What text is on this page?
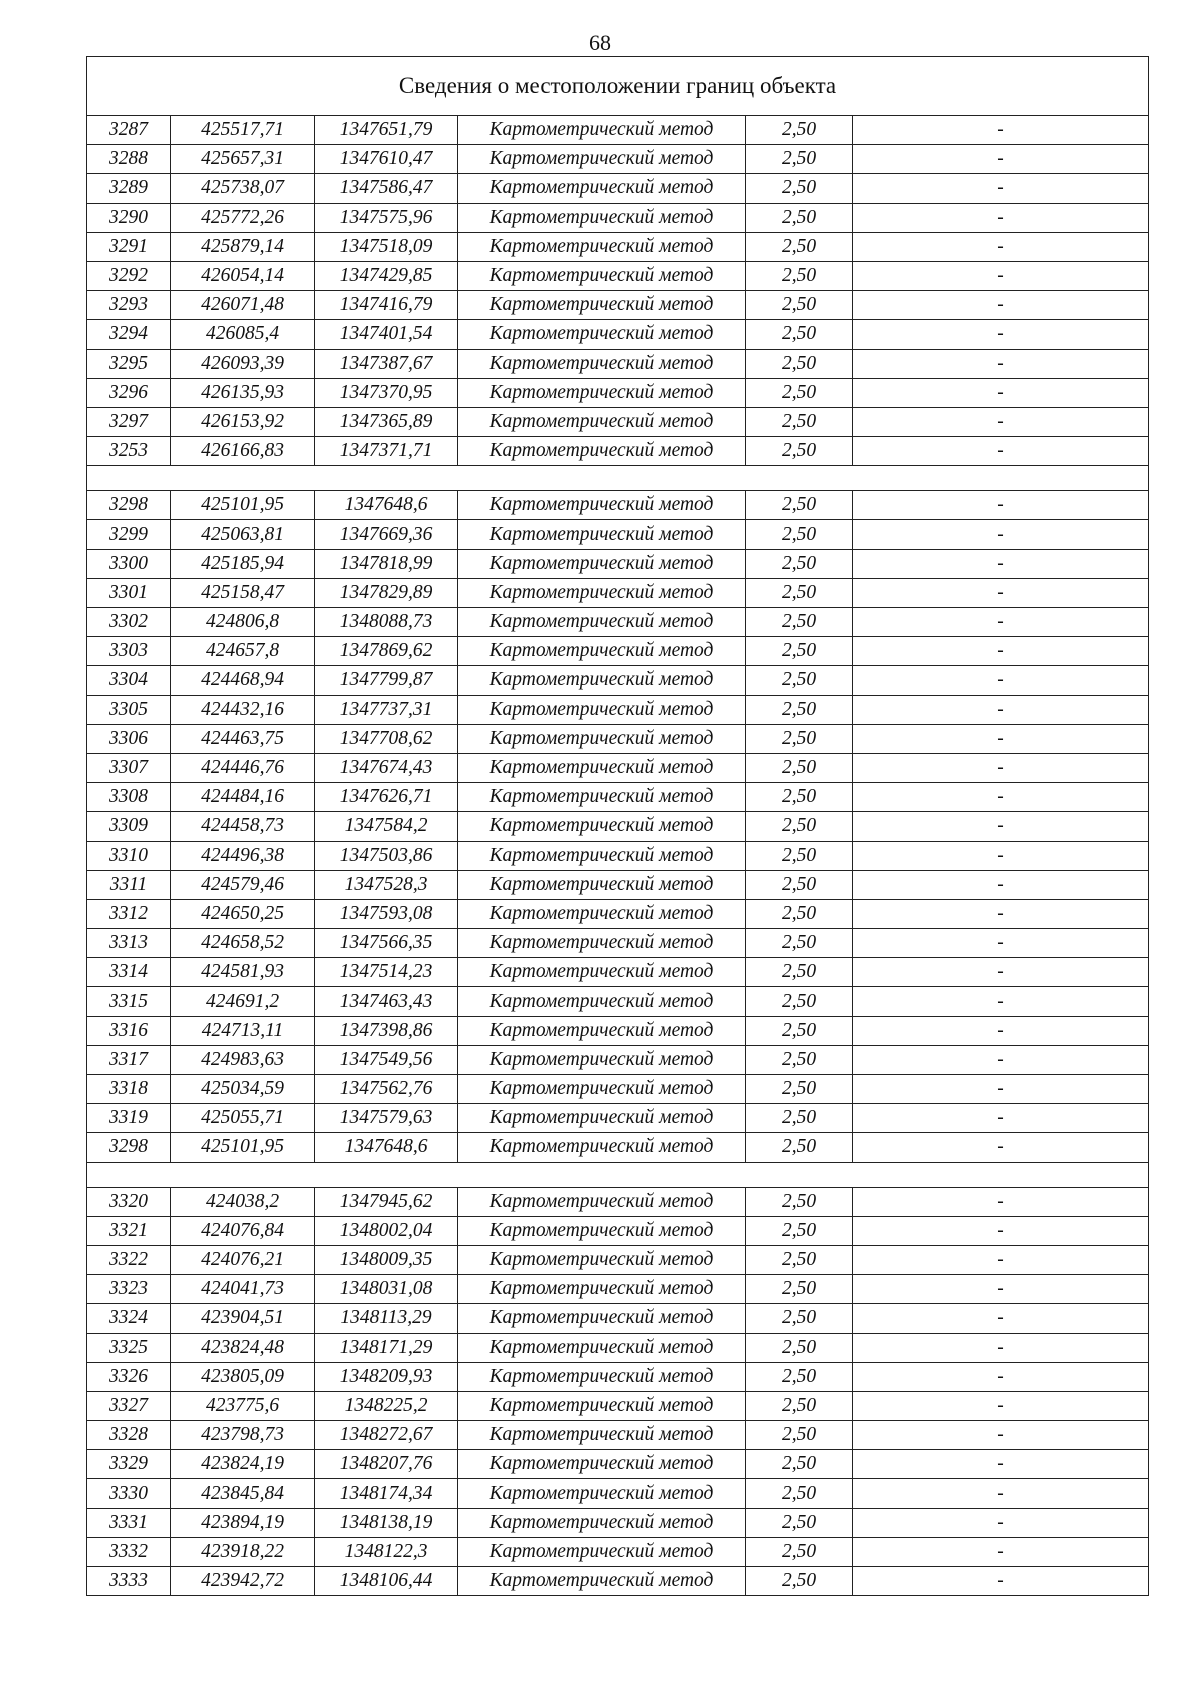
68
Сведения о местоположении границ объекта					
3287	425517,71	1347651,79	Картометрический метод	2,50	-
3288	425657,31	1347610,47	Картометрический метод	2,50	-
3289	425738,07	1347586,47	Картометрический метод	2,50	-
3290	425772,26	1347575,96	Картометрический метод	2,50	-
3291	425879,14	1347518,09	Картометрический метод	2,50	-
3292	426054,14	1347429,85	Картометрический метод	2,50	-
3293	426071,48	1347416,79	Картометрический метод	2,50	-
3294	426085,4	1347401,54	Картометрический метод	2,50	-
3295	426093,39	1347387,67	Картометрический метод	2,50	-
3296	426135,93	1347370,95	Картометрический метод	2,50	-
3297	426153,92	1347365,89	Картометрический метод	2,50	-
3253	426166,83	1347371,71	Картометрический метод	2,50	-

3298	425101,95	1347648,6	Картометрический метод	2,50	-
3299	425063,81	1347669,36	Картометрический метод	2,50	-
3300	425185,94	1347818,99	Картометрический метод	2,50	-
3301	425158,47	1347829,89	Картометрический метод	2,50	-
3302	424806,8	1348088,73	Картометрический метод	2,50	-
3303	424657,8	1347869,62	Картометрический метод	2,50	-
3304	424468,94	1347799,87	Картометрический метод	2,50	-
3305	424432,16	1347737,31	Картометрический метод	2,50	-
3306	424463,75	1347708,62	Картометрический метод	2,50	-
3307	424446,76	1347674,43	Картометрический метод	2,50	-
3308	424484,16	1347626,71	Картометрический метод	2,50	-
3309	424458,73	1347584,2	Картометрический метод	2,50	-
3310	424496,38	1347503,86	Картометрический метод	2,50	-
3311	424579,46	1347528,3	Картометрический метод	2,50	-
3312	424650,25	1347593,08	Картометрический метод	2,50	-
3313	424658,52	1347566,35	Картометрический метод	2,50	-
3314	424581,93	1347514,23	Картометрический метод	2,50	-
3315	424691,2	1347463,43	Картометрический метод	2,50	-
3316	424713,11	1347398,86	Картометрический метод	2,50	-
3317	424983,63	1347549,56	Картометрический метод	2,50	-
3318	425034,59	1347562,76	Картометрический метод	2,50	-
3319	425055,71	1347579,63	Картометрический метод	2,50	-
3298	425101,95	1347648,6	Картометрический метод	2,50	-

3320	424038,2	1347945,62	Картометрический метод	2,50	-
3321	424076,84	1348002,04	Картометрический метод	2,50	-
3322	424076,21	1348009,35	Картометрический метод	2,50	-
3323	424041,73	1348031,08	Картометрический метод	2,50	-
3324	423904,51	1348113,29	Картометрический метод	2,50	-
3325	423824,48	1348171,29	Картометрический метод	2,50	-
3326	423805,09	1348209,93	Картометрический метод	2,50	-
3327	423775,6	1348225,2	Картометрический метод	2,50	-
3328	423798,73	1348272,67	Картометрический метод	2,50	-
3329	423824,19	1348207,76	Картометрический метод	2,50	-
3330	423845,84	1348174,34	Картометрический метод	2,50	-
3331	423894,19	1348138,19	Картометрический метод	2,50	-
3332	423918,22	1348122,3	Картометрический метод	2,50	-
3333	423942,72	1348106,44	Картометрический метод	2,50	-
